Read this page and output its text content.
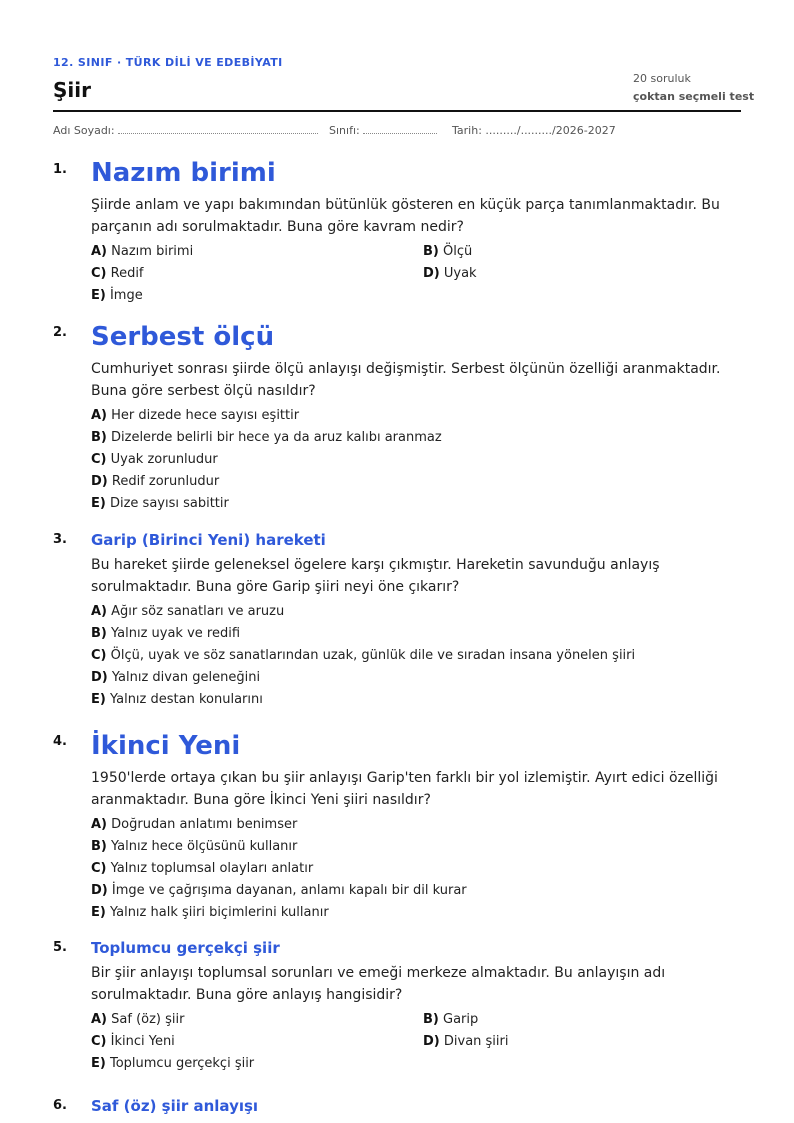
12. SINIF · TÜRK DİLİ VE EDEBİYATI
Şiir	20 soruluk
çoktan seçmeli test
Adı Soyadı:	Sınıfı:	Tarih: ........./........./2026-2027
1. Nazım birimi
Şiirde anlam ve yapı bakımından bütünlük gösteren en küçük parça tanımlanmaktadır. Bu parçanın adı sorulmaktadır. Buna göre kavram nedir?
A) Nazım birimi	B) Ölçü
C) Redif	D) Uyak
E) İmge
2. Serbest ölçü
Cumhuriyet sonrası şiirde ölçü anlayışı değişmiştir. Serbest ölçünün özelliği aranmaktadır. Buna göre serbest ölçü nasıldır?
A) Her dizede hece sayısı eşittir
B) Dizelerde belirli bir hece ya da aruz kalıbı aranmaz
C) Uyak zorunludur
D) Redif zorunludur
E) Dize sayısı sabittir
3. Garip (Birinci Yeni) hareketi
Bu hareket şiirde geleneksel ögelere karşı çıkmıştır. Hareketin savunduğu anlayış sorulmaktadır. Buna göre Garip şiiri neyi öne çıkarır?
A) Ağır söz sanatları ve aruzu
B) Yalnız uyak ve redifi
C) Ölçü, uyak ve söz sanatlarından uzak, günlük dile ve sıradan insana yönelen şiiri
D) Yalnız divan geleneğini
E) Yalnız destan konularını
4. İkinci Yeni
1950'lerde ortaya çıkan bu şiir anlayışı Garip'ten farklı bir yol izlemiştir. Ayırt edici özelliği aranmaktadır. Buna göre İkinci Yeni şiiri nasıldır?
A) Doğrudan anlatımı benimser
B) Yalnız hece ölçüsünü kullanır
C) Yalnız toplumsal olayları anlatır
D) İmge ve çağrışıma dayanan, anlamı kapalı bir dil kurar
E) Yalnız halk şiiri biçimlerini kullanır
5. Toplumcu gerçekçi şiir
Bir şiir anlayışı toplumsal sorunları ve emeği merkeze almaktadır. Bu anlayışın adı sorulmaktadır. Buna göre anlayış hangisidir?
A) Saf (öz) şiir	B) Garip
C) İkinci Yeni	D) Divan şiiri
E) Toplumcu gerçekçi şiir
6. Saf (öz) şiir anlayışı
